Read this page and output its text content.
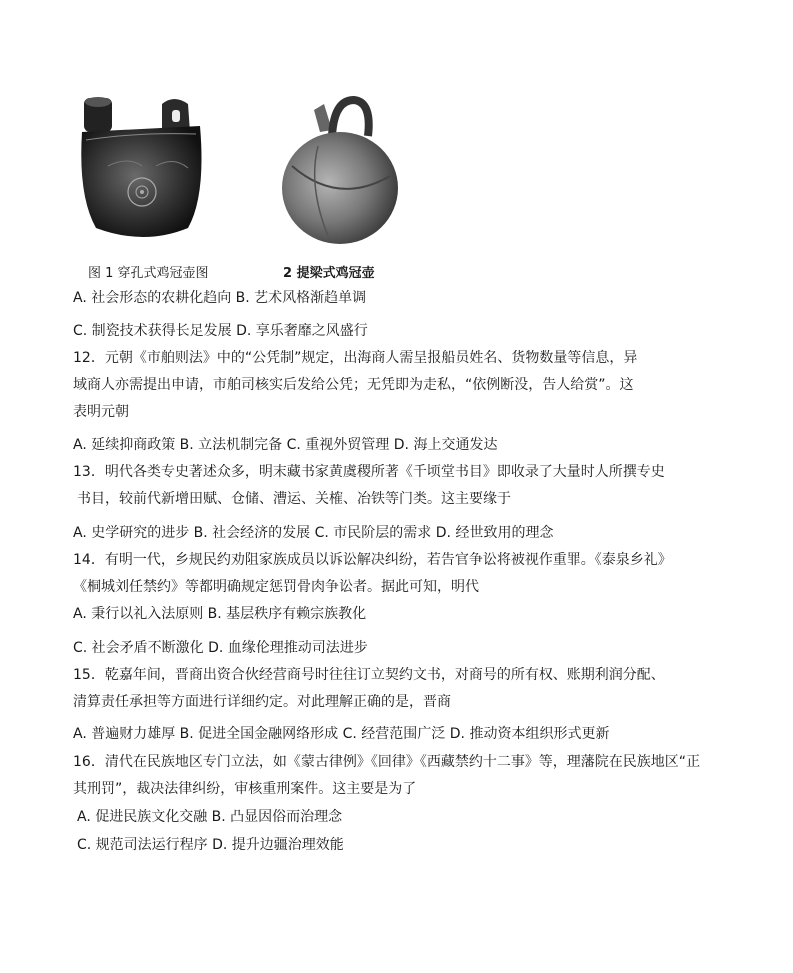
图 1 穿孔式鸡冠壶图	2 提梁式鸡冠壶
A. 社会形态的农耕化趋向 B. 艺术风格渐趋单调
C. 制瓷技术获得长足发展 D. 享乐奢靡之风盛行
12．元朝《市舶则法》中的“公凭制”规定，出海商人需呈报船员姓名、货物数量等信息，异
域商人亦需提出申请，市舶司核实后发给公凭；无凭即为走私，“依例断没，告人给赏”。这
表明元朝
A. 延续抑商政策 B. 立法机制完备 C. 重视外贸管理 D. 海上交通发达
13．明代各类专史著述众多，明末藏书家黄虞稷所著《千顷堂书目》即收录了大量时人所撰专史
书目，较前代新增田赋、仓储、漕运、关榷、冶铁等门类。这主要缘于
A. 史学研究的进步 B. 社会经济的发展 C. 市民阶层的需求 D. 经世致用的理念
14．有明一代，乡规民约劝阻家族成员以诉讼解决纠纷，若告官争讼将被视作重罪。《泰泉乡礼》
《桐城刘任禁约》等都明确规定惩罚骨肉争讼者。据此可知，明代
A. 秉行以礼入法原则 B. 基层秩序有赖宗族教化
C. 社会矛盾不断激化 D. 血缘伦理推动司法进步
15．乾嘉年间，晋商出资合伙经营商号时往往订立契约文书，对商号的所有权、账期利润分配、
清算责任承担等方面进行详细约定。对此理解正确的是，晋商
A. 普遍财力雄厚 B. 促进全国金融网络形成 C. 经营范围广泛 D. 推动资本组织形式更新
16．清代在民族地区专门立法，如《蒙古律例》《回律》《西藏禁约十二事》等，理藩院在民族地区“正
其刑罚”，裁决法律纠纷，审核重刑案件。这主要是为了
A. 促进民族文化交融 B. 凸显因俗而治理念
C. 规范司法运行程序 D. 提升边疆治理效能
